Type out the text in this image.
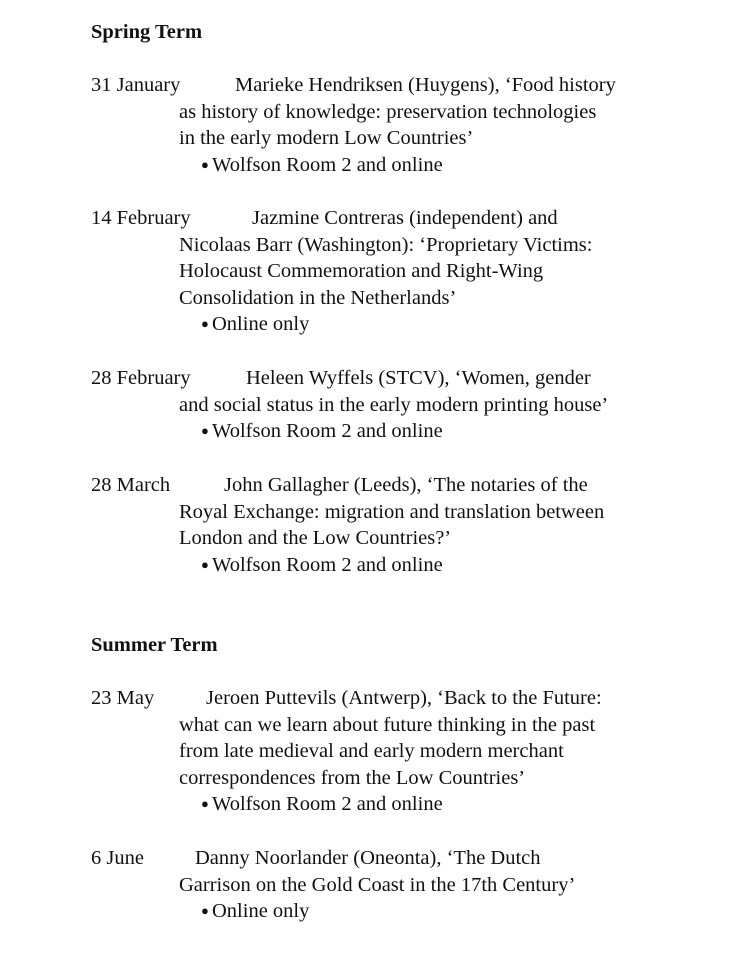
Spring Term
31 January	Marieke Hendriksen (Huygens), ‘Food history
as history of knowledge: preservation technologies
in the early modern Low Countries’
● Wolfson Room 2 and online
14 February	Jazmine Contreras (independent) and
Nicolaas Barr (Washington): ‘Proprietary Victims:
Holocaust Commemoration and Right-Wing
Consolidation in the Netherlands’
● Online only
28 February	Heleen Wyffels (STCV), ‘Women, gender
and social status in the early modern printing house’
● Wolfson Room 2 and online
28 March	John Gallagher (Leeds), ‘The notaries of the
Royal Exchange: migration and translation between
London and the Low Countries?’
● Wolfson Room 2 and online
Summer Term
23 May	Jeroen Puttevils (Antwerp), ‘Back to the Future:
what can we learn about future thinking in the past
from late medieval and early modern merchant
correspondences from the Low Countries’
● Wolfson Room 2 and online
6 June Danny Noorlander (Oneonta), ‘The Dutch
Garrison on the Gold Coast in the 17th Century’
● Online only
